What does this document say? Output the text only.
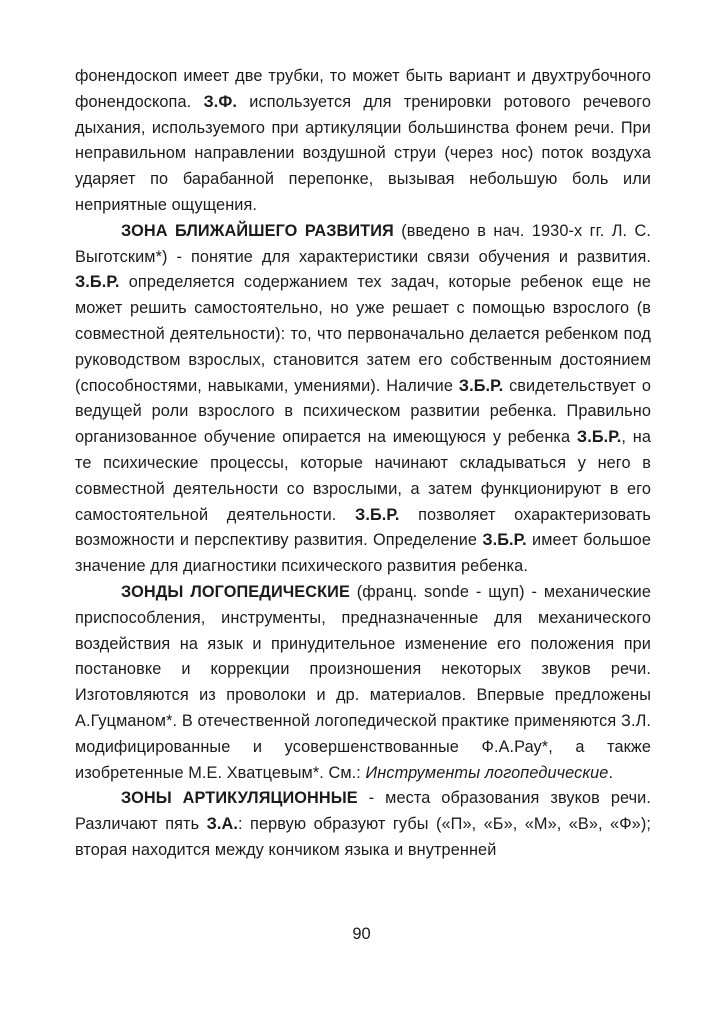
фонендоскоп имеет две трубки, то может быть вариант и двухтрубочного фонендоскопа. З.Ф. используется для тренировки ротового речевого дыхания, используемого при артикуляции большинства фонем речи. При неправильном направлении воздушной струи (через нос) поток воздуха ударяет по барабанной перепонке, вызывая небольшую боль или неприятные ощущения.

ЗОНА БЛИЖАЙШЕГО РАЗВИТИЯ (введено в нач. 1930-х гг. Л. С. Выготским*) - понятие для характеристики связи обучения и развития. З.Б.Р. определяется содержанием тех задач, которые ребенок еще не может решить самостоятельно, но уже решает с помощью взрослого (в совместной деятельности): то, что первоначально делается ребенком под руководством взрослых, становится затем его собственным достоянием (способностями, навыками, умениями). Наличие З.Б.Р. свидетельствует о ведущей роли взрослого в психическом развитии ребенка. Правильно организованное обучение опирается на имеющуюся у ребенка З.Б.Р., на те психические процессы, которые начинают складываться у него в совместной деятельности со взрослыми, а затем функционируют в его самостоятельной деятельности. З.Б.Р. позволяет охарактеризовать возможности и перспективу развития. Определение З.Б.Р. имеет большое значение для диагностики психического развития ребенка.

ЗОНДЫ ЛОГОПЕДИЧЕСКИЕ (франц. sonde - щуп) - механические приспособления, инструменты, предназначенные для механического воздействия на язык и принудительное изменение его положения при постановке и коррекции произношения некоторых звуков речи. Изготовляются из проволоки и др. материалов. Впервые предложены А.Гуцманом*. В отечественной логопедической практике применяются З.Л. модифицированные и усовершенствованные Ф.А.Рау*, а также изобретенные М.Е. Хватцевым*. См.: Инструменты логопедические.

ЗОНЫ АРТИКУЛЯЦИОННЫЕ - места образования звуков речи. Различают пять З.А.: первую образуют губы («П», «Б», «М», «В», «Ф»); вторая находится между кончиком языка и внутренней

90
